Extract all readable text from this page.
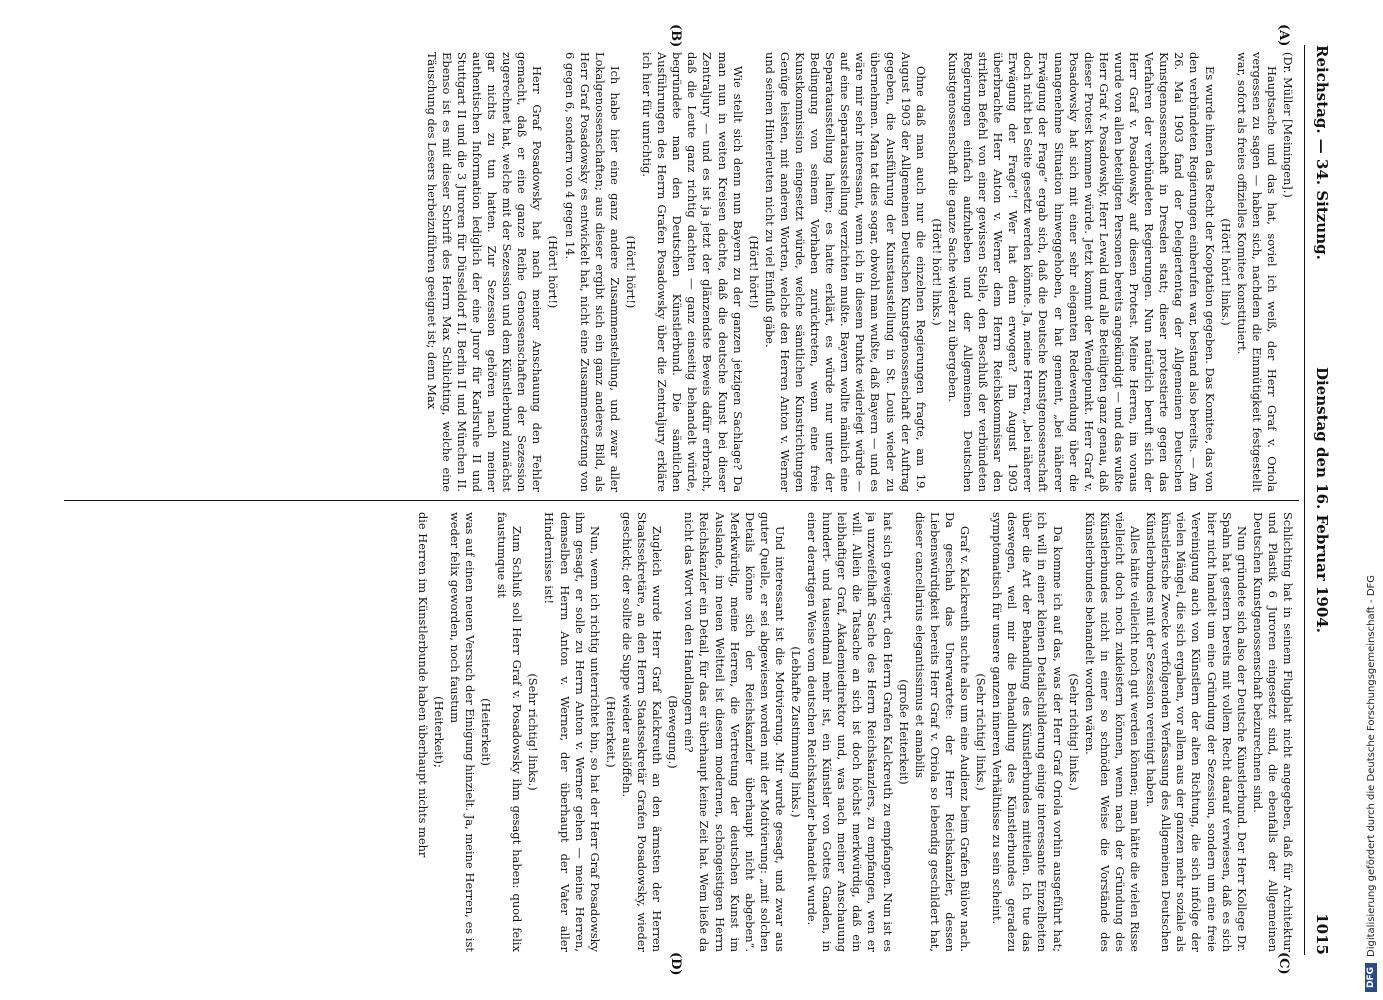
Reichstag. — 34. Sitzung.
Dienstag den 16. Februar 1904.
1015
(A)
(B)
(C)
(D)

(Dr. Müller [Meiningen].)

Hauptsache und das hat, soviel ich weiß, der Herr Graf v. Oriola vergessen zu sagen — haben sich, nachdem die Einmütigkeit festgestellt war, sofort als freies offizielles Komitee konstituiert.

(Hört! hört! links.)

Es wurde ihnen das Recht der Kooptation gegeben. Das Komitee, das von den verbündeten Regierungen einberufen war, bestand also bereits. — Am 26. Mai 1903 fand der Delegiertentag der Allgemeinen Deutschen Kunstgenossenschaft in Dresden statt; dieser protestierte gegen das Verfahren der verbündeten Regierungen. Nun natürlich beruft sich der Herr Graf v. Posadowsky auf diesen Protest. Meine Herren, im voraus wurde von allen beteiligten Personen bereits angekündigt — und das wußte Herr Graf v. Posadowsky, Herr Lewald und alle Beteiligten ganz genau, daß dieser Protest kommen würde. Jetzt kommt der Wendepunkt. Herr Graf v. Posadowsky hat sich mit einer sehr eleganten Redewendung über die unangenehme Situation hinweggehoben, er hat gemeint, „bei näherer Erwägung der Frage“ ergab sich, daß die Deutsche Kunstgenossenschaft doch nicht bei Seite gesetzt werden könnte. Ja, meine Herren, „bei näherer Erwägung der Frage“! Wer hat denn erwogen? Im August 1903 überbrachte Herr Anton v. Werner dem Herrn Reichskommissar den strikten Befehl von einer gewissen Stelle, den Beschluß der verbündeten Regierungen einfach aufzuheben und der Allgemeinen Deutschen Kunstgenossenschaft die ganze Sache wieder zu übergeben.

(Hört! hört! links.)

Ohne daß man auch nur die einzelnen Regierungen fragte, am 19. August 1903 der Allgemeinen Deutschen Kunstgenossenschaft der Auftrag gegeben, die Ausführung der Kunstausstellung in St. Louis wieder zu übernehmen. Man tat dies sogar, obwohl man wußte, daß Bayern — und es wäre mir sehr interessant, wenn ich in diesem Punkte widerlegt würde — auf eine Separatausstellung verzichten mußte. Bayern wollte nämlich eine Separatausstellung halten; es hatte erklärt, es würde nur unter der Bedingung von seinem Vorhaben zurücktreten, wenn eine freie Kunstkommission eingesetzt würde, welche sämtlichen Kunstrichtungen Genüge leisten, mit anderen Worten, welche den Herren Anton v. Werner und seinen Hinterleuten nicht zu viel Einfluß gäbe.

(Hört! hört!)

Wie stellt sich denn nun Bayern zu der ganzen jetzigen Sachlage? Da man nun in weiten Kreisen dachte, daß die deutsche Kunst bei dieser Zentraljury — und es ist ja jetzt der glänzendste Beweis dafür erbracht, daß die Leute ganz richtig dachten — ganz einseitig behandelt würde, begründete man den Deutschen Künstlerbund. Die sämtlichen Ausführungen des Herrn Grafen Posadowsky über die Zentraljury erkläre ich hier für unrichtig.

(Hört! hört!)

Ich habe hier eine ganz andere Zusammenstellung, und zwar aller Lokalgenossenschaften; aus dieser ergibt sich ein ganz anderes Bild, als Herr Graf Posadowsky es entwickelt hat, nicht eine Zusammensetzung von 6 gegen 6, sondern von 4 gegen 14.

(Hört! hört!)

Herr Graf Posadowsky hat nach meiner Anschauung den Fehler gemacht, daß er eine ganze Reihe Genossenschaften der Sezession zugerechnet hat, welche mit der Sezession und dem Künstlerbund zunächst gar nichts zu tun hatten. Zur Sezession gehören nach meiner authentischen Information lediglich der eine Juror für Karlsruhe II und Stuttgart II und die 3 Juroren für Düsseldorf II, Berlin II und München II. Ebenso ist es mit dieser Schrift des Herrn Max Schlichting, welche eine Täuschung des Lesers herbeizuführen geeignet ist; denn Max

Schlichting hat in seinem Flugblatt nicht angegeben, daß für Architektur und Plastik 6 Juroren eingesetzt sind, die ebenfalls der Allgemeinen Deutschen Kunstgenossenschaft beizurechnen sind.

Nun gründete sich also der Deutsche Künstlerbund. Der Herr Kollege Dr. Spahn hat gestern bereits mit vollem Recht darauf verwiesen, daß es sich hier nicht handelt um eine Gründung der Sezession, sondern um eine freie Vereinigung auch von Künstlern der alten Richtung, die sich infolge der vielen Mängel, die sich ergaben, vor allem aus der ganzen mehr soziale als künstlerische Zwecke verfolgenden Verfassung des Allgemeinen Deutschen Künstlerbundes mit der Sezession vereinigt haben.

Alles hätte vielleicht noch gut werden können; man hätte die vielen Risse vielleicht doch noch zukleistern können, wenn nach der Gründung des Künstlerbundes nicht in einer so schnöden Weise die Vorstände des Künstlerbundes behandelt worden wären.

(Sehr richtig! links.)

Da komme ich auf das, was der Herr Graf Oriola vorhin ausgeführt hat; ich will in einer kleinen Detailschilderung einige interessante Einzelheiten über die Art der Behandlung des Künstlerbundes mitteilen. Ich tue das deswegen, weil mir die Behandlung des Künstlerbundes geradezu symptomatisch für unsere ganzen inneren Verhältnisse zu sein scheint.

(Sehr richtig! links.)

Graf v. Kalckreuth suchte also um eine Audienz beim Grafen Bülow nach. Da geschah das Unerwartete: der Herr Reichskanzler, dessen Liebenswürdigkeit bereits Herr Graf v. Oriola so lebendig geschildert hat, dieser cancellarius elegantissimus et amabilis

(große Heiterkeit)

hat sich geweigert, den Herrn Grafen Kalckreuth zu empfangen. Nun ist es ja unzweifelhaft Sache des Herrn Reichskanzlers, zu empfangen, wen er will. Allein die Tatsache an sich ist doch höchst merkwürdig, daß ein leibhaftiger Graf, Akademiedirektor und, was nach meiner Anschauung hundert- und tausendmal mehr ist, ein Künstler von Gottes Gnaden, in einer derartigen Weise vom deutschen Reichskanzler behandelt wurde.

(Lebhafte Zustimmung links.)

Und interessant ist die Motivierung. Mir wurde gesagt, und zwar aus guter Quelle, er sei abgewiesen worden mit der Motivierung: „mit solchen Details könne sich der Reichskanzler überhaupt nicht abgeben“. Merkwürdig, meine Herren, die Vertretung der deutschen Kunst im Auslande, im neuen Weltteil ist diesem modernen, schöngeistigen Herrn Reichskanzler ein Detail, für das er überhaupt keine Zeit hat. Wem ließe da nicht das Wort von den Handlangern ein?

(Bewegung.)

Zugleich wurde Herr Graf Kalckreuth an den ärmsten der Herren Staatssekretäre, an den Herrn Staatssekretär Grafen Posadowsky, wieder geschickt; der sollte die Suppe wieder auslöffeln.

(Heiterkeit.)

Nun, wenn ich richtig unterrichtet bin, so hat der Herr Graf Posadowsky ihm gesagt, er solle zu Herrn Anton v. Werner gehen — meine Herren, demselben Herrn Anton v. Werner, der überhaupt der Vater aller Hindernisse ist!

(Sehr richtig! links.)

Zum Schluß soll Herr Graf v. Posadowsky ihm gesagt haben: quod felix faustumque sit

(Heiterkeit)

was auf einen neuen Versuch der Einigung hinzielt. Ja, meine Herren, es ist weder felix geworden, noch faustum

(Heiterkeit);

die Herren im Künstlerbunde haben überhaupt nichts mehr

DFG
Digitalisierung gefördert durch die Deutsche Forschungsgemeinschaft - DFG
